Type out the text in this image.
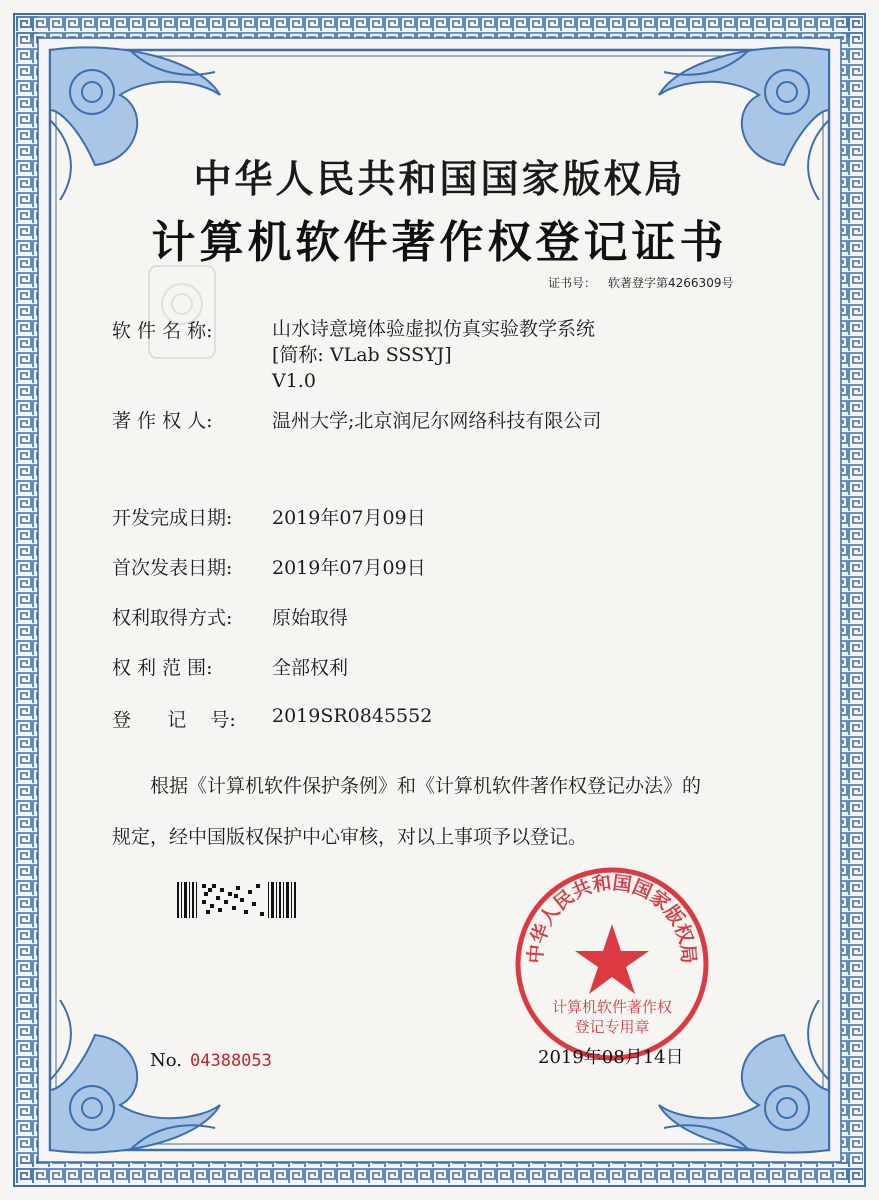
中华人民共和国国家版权局
计算机软件著作权登记证书
证书号： 软著登字第4266309号
软 件 名 称:	山水诗意境体验虚拟仿真实验教学系统
[简称: VLab SSSYJ]
V1.0
著 作 权 人:	温州大学;北京润尼尔网络科技有限公司
开发完成日期:	2019年07月09日
首次发表日期:	2019年07月09日
权利取得方式:	原始取得
权 利 范 围:	全部权利
登      记    号:	2019SR0845552
根据《计算机软件保护条例》和《计算机软件著作权登记办法》的
规定，经中国版权保护中心审核，对以上事项予以登记。
中华人民共和国国家版权局
计算机软件著作权
登记专用章
No. 04388053	2019年08月14日
